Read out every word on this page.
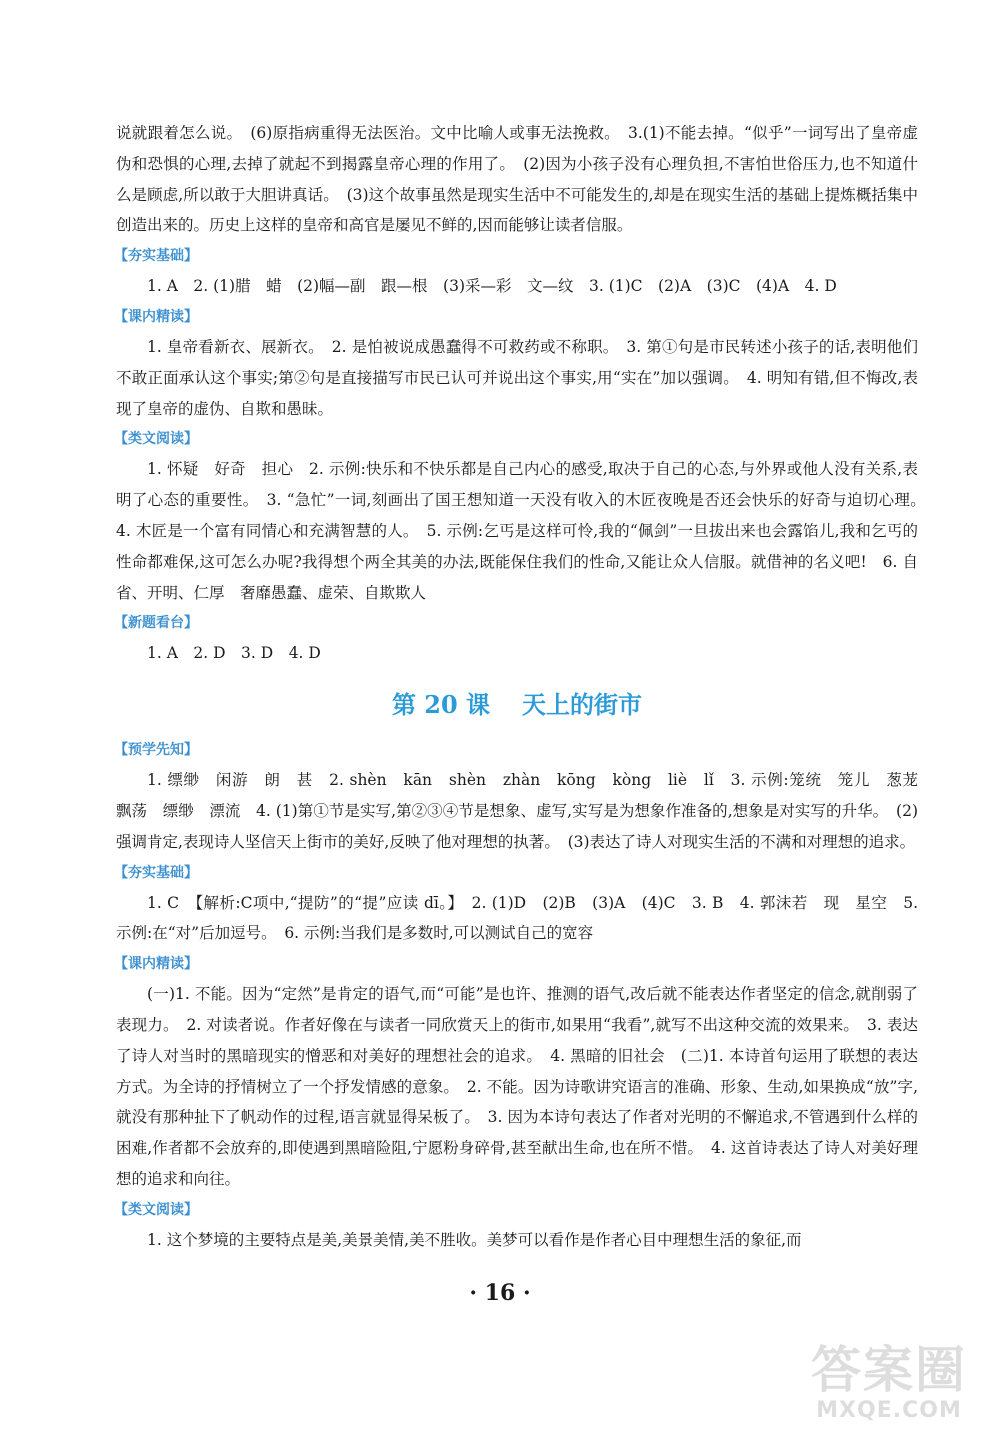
说就跟着怎么说。　(6)原指病重得无法医治。文中比喻人或事无法挽救。　3.(1)不能去掉。“似乎”一词写出了皇帝虚伪和恐惧的心理,去掉了就起不到揭露皇帝心理的作用了。　(2)因为小孩子没有心理负担,不害怕世俗压力,也不知道什么是顾虑,所以敢于大胆讲真话。　(3)这个故事虽然是现实生活中不可能发生的,却是在现实生活的基础上提炼概括集中创造出来的。历史上这样的皇帝和高官是屡见不鲜的,因而能够让读者信服。

【夯实基础】

1. A　2. (1)腊　蜡　(2)幅—副　跟—根　(3)采—彩　文—纹　3. (1)C　(2)A　(3)C　(4)A　4. D

【课内精读】

1. 皇帝看新衣、展新衣。　2. 是怕被说成愚蠢得不可救药或不称职。　3. 第①句是市民转述小孩子的话,表明他们不敢正面承认这个事实;第②句是直接描写市民已认可并说出这个事实,用“实在”加以强调。　4. 明知有错,但不悔改,表现了皇帝的虚伪、自欺和愚昧。

【类文阅读】

1. 怀疑　好奇　担心　2. 示例:快乐和不快乐都是自己内心的感受,取决于自己的心态,与外界或他人没有关系,表明了心态的重要性。　3. “急忙”一词,刻画出了国王想知道一天没有收入的木匠夜晚是否还会快乐的好奇与迫切心理。　4. 木匠是一个富有同情心和充满智慧的人。　5. 示例:乞丐是这样可怜,我的“佩剑”一旦拔出来也会露馅儿,我和乞丐的性命都难保,这可怎么办呢?我得想个两全其美的办法,既能保住我们的性命,又能让众人信服。就借神的名义吧!　6. 自省、开明、仁厚　奢靡愚蠢、虚荣、自欺欺人

【新题看台】

1. A　2. D　3. D　4. D

第 20 课 天上的街市
【预学先知】

1. 缥缈　闲游　朗　甚　2. shèn　kān　shèn　zhàn　kōng　kòng　liè　lǐ　3. 示例:笼统　笼儿　葱茏　飘荡　缥缈　漂流　4. (1)第①节是实写,第②③④节是想象、虚写,实写是为想象作准备的,想象是对实写的升华。　(2)强调肯定,表现诗人坚信天上街市的美好,反映了他对理想的执著。　(3)表达了诗人对现实生活的不满和对理想的追求。

【夯实基础】

1. C　【解析:C项中,“提防”的“提”应读 dī。】　2. (1)D　(2)B　(3)A　(4)C　3. B　4. 郭沫若　现　星空　5. 示例:在“对”后加逗号。　6. 示例:当我们是多数时,可以测试自己的宽容

【课内精读】

(一)1. 不能。因为“定然”是肯定的语气,而“可能”是也许、推测的语气,改后就不能表达作者坚定的信念,就削弱了表现力。　2. 对读者说。作者好像在与读者一同欣赏天上的街市,如果用“我看”,就写不出这种交流的效果来。　3. 表达了诗人对当时的黑暗现实的憎恶和对美好的理想社会的追求。　4. 黑暗的旧社会　(二)1. 本诗首句运用了联想的表达方式。为全诗的抒情树立了一个抒发情感的意象。　2. 不能。因为诗歌讲究语言的准确、形象、生动,如果换成“放”字,就没有那种扯下了帆动作的过程,语言就显得呆板了。　3. 因为本诗句表达了作者对光明的不懈追求,不管遇到什么样的困难,作者都不会放弃的,即使遇到黑暗险阻,宁愿粉身碎骨,甚至献出生命,也在所不惜。　4. 这首诗表达了诗人对美好理想的追求和向往。

【类文阅读】

1. 这个梦境的主要特点是美,美景美情,美不胜收。美梦可以看作是作者心目中理想生活的象征,而

· 16 ·
答案圈
MXQE.COM
